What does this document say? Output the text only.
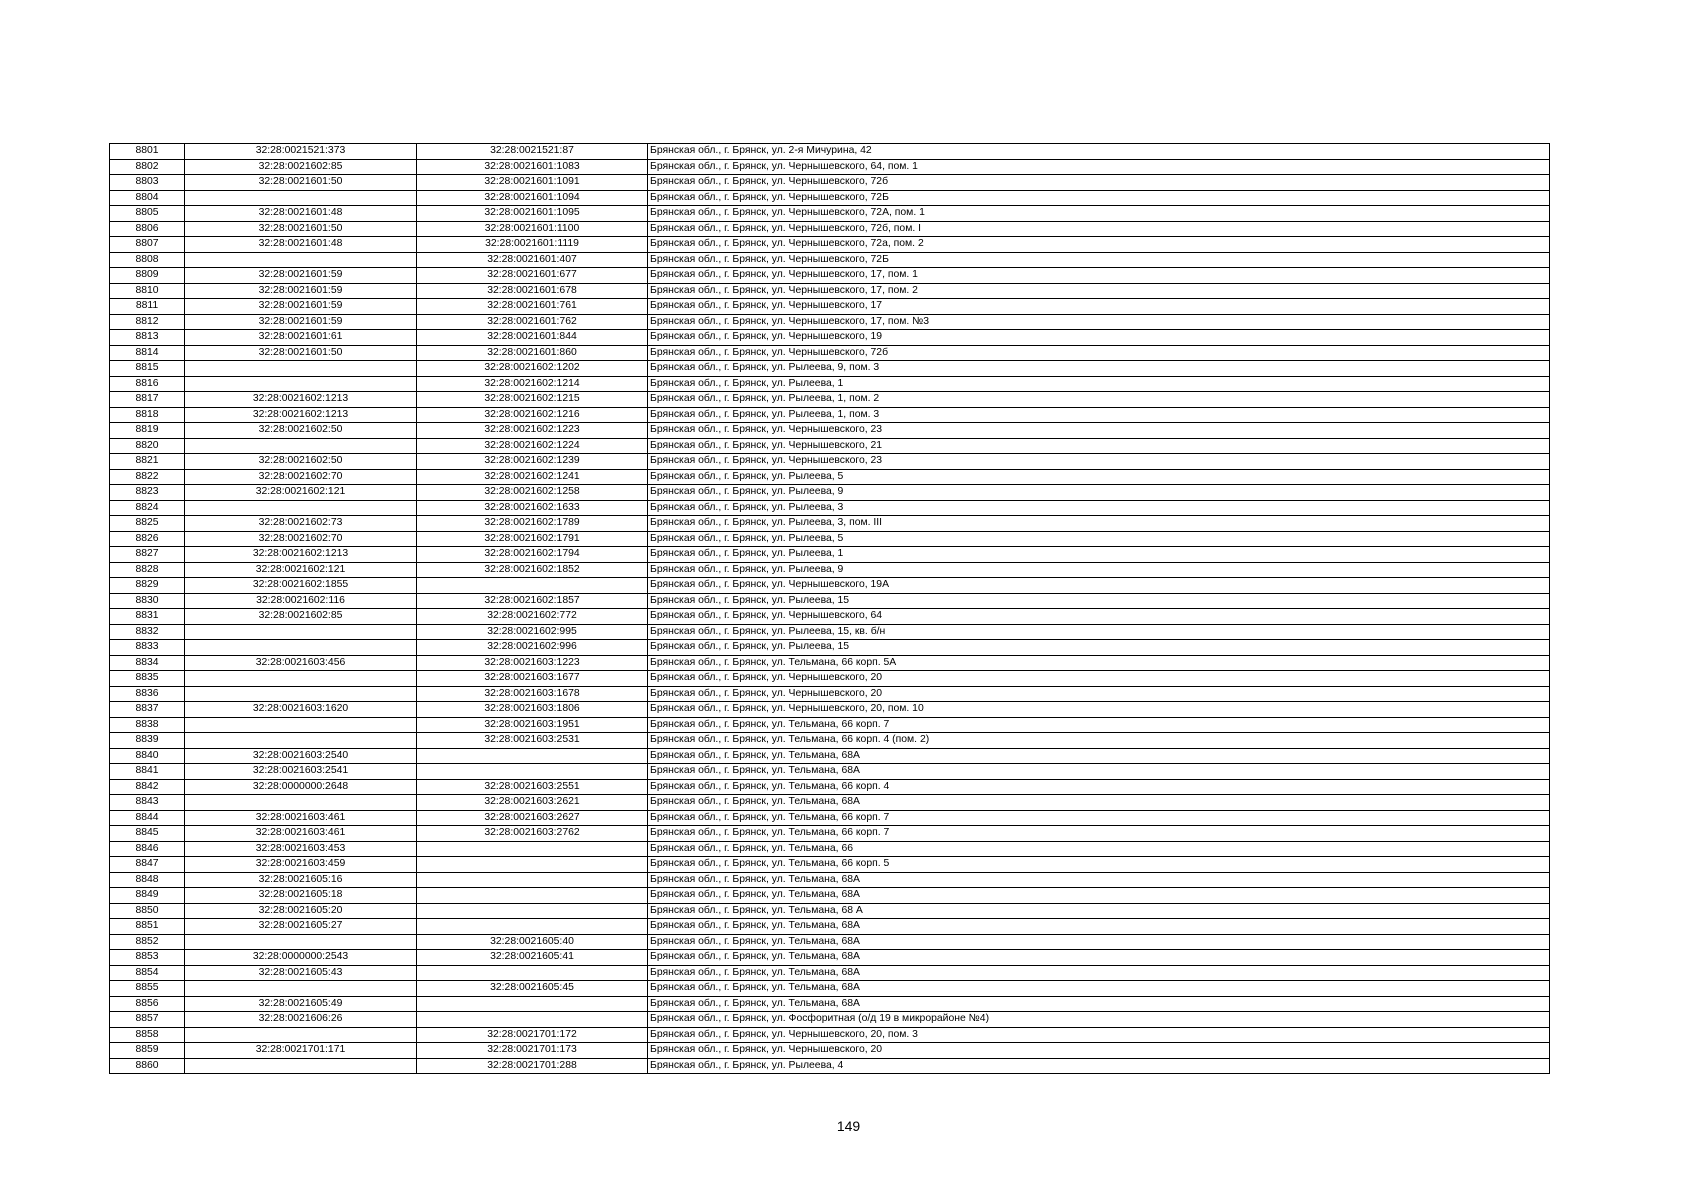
8801	32:28:0021521:373	32:28:0021521:87	Брянская обл., г. Брянск, ул. 2-я Мичурина, 42
8802	32:28:0021602:85	32:28:0021601:1083	Брянская обл., г. Брянск, ул. Чернышевского, 64, пом. 1
8803	32:28:0021601:50	32:28:0021601:1091	Брянская обл., г. Брянск, ул. Чернышевского, 72б
8804		32:28:0021601:1094	Брянская обл., г. Брянск, ул. Чернышевского, 72Б
8805	32:28:0021601:48	32:28:0021601:1095	Брянская обл., г. Брянск, ул. Чернышевского, 72А, пом. 1
8806	32:28:0021601:50	32:28:0021601:1100	Брянская обл., г. Брянск, ул. Чернышевского, 72б, пом. I
8807	32:28:0021601:48	32:28:0021601:1119	Брянская обл., г. Брянск, ул. Чернышевского, 72а, пом. 2
8808		32:28:0021601:407	Брянская обл., г. Брянск, ул. Чернышевского, 72Б
8809	32:28:0021601:59	32:28:0021601:677	Брянская обл., г. Брянск, ул. Чернышевского, 17, пом. 1
8810	32:28:0021601:59	32:28:0021601:678	Брянская обл., г. Брянск, ул. Чернышевского, 17, пом. 2
8811	32:28:0021601:59	32:28:0021601:761	Брянская обл., г. Брянск, ул. Чернышевского, 17
8812	32:28:0021601:59	32:28:0021601:762	Брянская обл., г. Брянск, ул. Чернышевского, 17, пом. №3
8813	32:28:0021601:61	32:28:0021601:844	Брянская обл., г. Брянск, ул. Чернышевского, 19
8814	32:28:0021601:50	32:28:0021601:860	Брянская обл., г. Брянск, ул. Чернышевского, 72б
8815		32:28:0021602:1202	Брянская обл., г. Брянск, ул. Рылеева, 9, пом. 3
8816		32:28:0021602:1214	Брянская обл., г. Брянск, ул. Рылеева, 1
8817	32:28:0021602:1213	32:28:0021602:1215	Брянская обл., г. Брянск, ул. Рылеева, 1, пом. 2
8818	32:28:0021602:1213	32:28:0021602:1216	Брянская обл., г. Брянск, ул. Рылеева, 1, пом. 3
8819	32:28:0021602:50	32:28:0021602:1223	Брянская обл., г. Брянск, ул. Чернышевского, 23
8820		32:28:0021602:1224	Брянская обл., г. Брянск, ул. Чернышевского, 21
8821	32:28:0021602:50	32:28:0021602:1239	Брянская обл., г. Брянск, ул. Чернышевского, 23
8822	32:28:0021602:70	32:28:0021602:1241	Брянская обл., г. Брянск, ул. Рылеева, 5
8823	32:28:0021602:121	32:28:0021602:1258	Брянская обл., г. Брянск, ул. Рылеева, 9
8824		32:28:0021602:1633	Брянская обл., г. Брянск, ул. Рылеева, 3
8825	32:28:0021602:73	32:28:0021602:1789	Брянская обл., г. Брянск, ул. Рылеева, 3, пом. III
8826	32:28:0021602:70	32:28:0021602:1791	Брянская обл., г. Брянск, ул. Рылеева, 5
8827	32:28:0021602:1213	32:28:0021602:1794	Брянская обл., г. Брянск, ул. Рылеева, 1
8828	32:28:0021602:121	32:28:0021602:1852	Брянская обл., г. Брянск, ул. Рылеева, 9
8829	32:28:0021602:1855		Брянская обл., г. Брянск, ул. Чернышевского, 19А
8830	32:28:0021602:116	32:28:0021602:1857	Брянская обл., г. Брянск, ул. Рылеева, 15
8831	32:28:0021602:85	32:28:0021602:772	Брянская обл., г. Брянск, ул. Чернышевского, 64
8832		32:28:0021602:995	Брянская обл., г. Брянск, ул. Рылеева, 15, кв. б/н
8833		32:28:0021602:996	Брянская обл., г. Брянск, ул. Рылеева, 15
8834	32:28:0021603:456	32:28:0021603:1223	Брянская обл., г. Брянск, ул. Тельмана, 66 корп. 5А
8835		32:28:0021603:1677	Брянская обл., г. Брянск, ул. Чернышевского, 20
8836		32:28:0021603:1678	Брянская обл., г. Брянск, ул. Чернышевского, 20
8837	32:28:0021603:1620	32:28:0021603:1806	Брянская обл., г. Брянск, ул. Чернышевского, 20, пом. 10
8838		32:28:0021603:1951	Брянская обл., г. Брянск, ул. Тельмана, 66 корп. 7
8839		32:28:0021603:2531	Брянская обл., г. Брянск, ул. Тельмана, 66 корп. 4 (пом. 2)
8840	32:28:0021603:2540		Брянская обл., г. Брянск, ул. Тельмана, 68А
8841	32:28:0021603:2541		Брянская обл., г. Брянск, ул. Тельмана, 68А
8842	32:28:0000000:2648	32:28:0021603:2551	Брянская обл., г. Брянск, ул. Тельмана, 66 корп. 4
8843		32:28:0021603:2621	Брянская обл., г. Брянск, ул. Тельмана, 68А
8844	32:28:0021603:461	32:28:0021603:2627	Брянская обл., г. Брянск, ул. Тельмана, 66 корп. 7
8845	32:28:0021603:461	32:28:0021603:2762	Брянская обл., г. Брянск, ул. Тельмана, 66 корп. 7
8846	32:28:0021603:453		Брянская обл., г. Брянск, ул. Тельмана, 66
8847	32:28:0021603:459		Брянская обл., г. Брянск, ул. Тельмана, 66 корп. 5
8848	32:28:0021605:16		Брянская обл., г. Брянск, ул. Тельмана, 68А
8849	32:28:0021605:18		Брянская обл., г. Брянск, ул. Тельмана, 68А
8850	32:28:0021605:20		Брянская обл., г. Брянск, ул. Тельмана, 68 А
8851	32:28:0021605:27		Брянская обл., г. Брянск, ул. Тельмана, 68А
8852		32:28:0021605:40	Брянская обл., г. Брянск, ул. Тельмана, 68А
8853	32:28:0000000:2543	32:28:0021605:41	Брянская обл., г. Брянск, ул. Тельмана, 68А
8854	32:28:0021605:43		Брянская обл., г. Брянск, ул. Тельмана, 68А
8855		32:28:0021605:45	Брянская обл., г. Брянск, ул. Тельмана, 68А
8856	32:28:0021605:49		Брянская обл., г. Брянск, ул. Тельмана, 68А
8857	32:28:0021606:26		Брянская обл., г. Брянск, ул. Фосфоритная (о/д 19 в микрорайоне №4)
8858		32:28:0021701:172	Брянская обл., г. Брянск, ул. Чернышевского, 20, пом. 3
8859	32:28:0021701:171	32:28:0021701:173	Брянская обл., г. Брянск, ул. Чернышевского, 20
8860		32:28:0021701:288	Брянская обл., г. Брянск, ул. Рылеева, 4
149
